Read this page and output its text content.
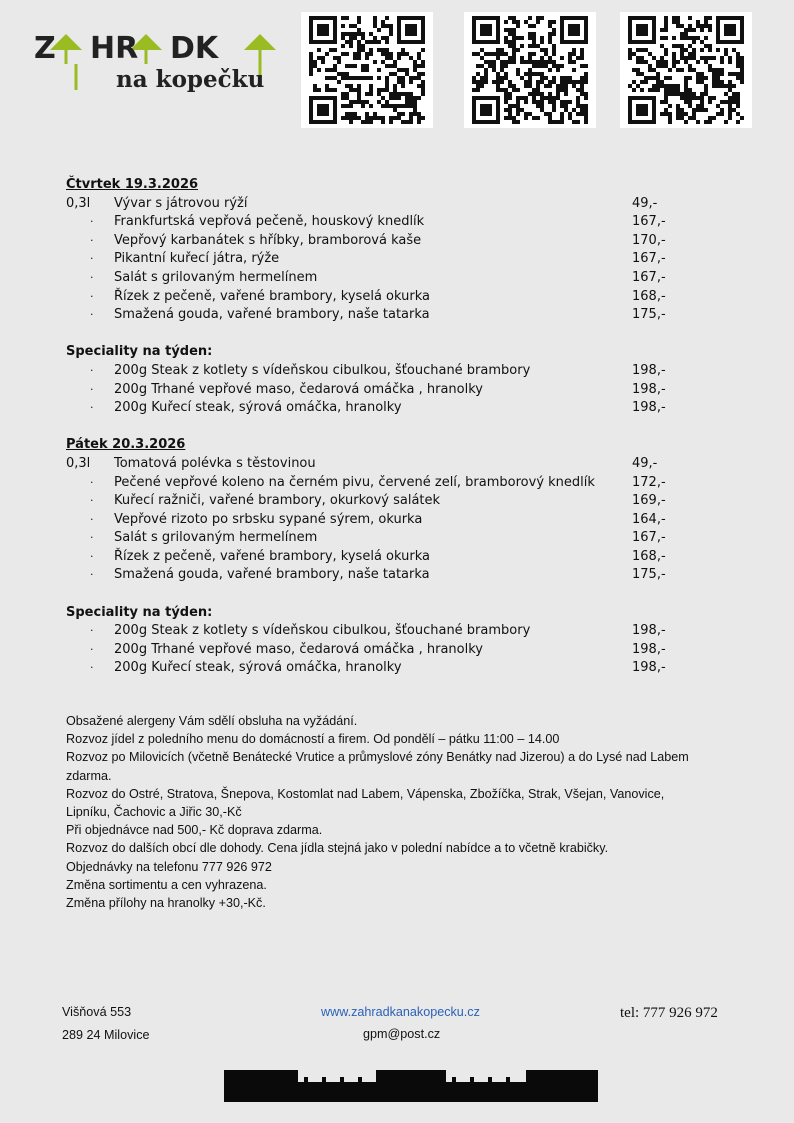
Z HR DK
na kopečku
Čtvrtek 19.3.2026
0,3l Vývar s játrovou rýží	49,-
· Frankfurtská vepřová pečeně, houskový knedlík	167,-
· Vepřový karbanátek s hříbky, bramborová kaše	170,-
· Pikantní kuřecí játra, rýže	167,-
· Salát s grilovaným hermelínem	167,-
· Řízek z pečeně, vařené brambory, kyselá okurka	168,-
· Smažená gouda, vařené brambory, naše tatarka	175,-
Speciality na týden:
· 200g Steak z kotlety s vídeňskou cibulkou, šťouchané brambory	198,-
· 200g Trhané vepřové maso, čedarová omáčka , hranolky	198,-
· 200g Kuřecí steak, sýrová omáčka, hranolky	198,-
Pátek 20.3.2026
0,3l Tomatová polévka s těstovinou	49,-
· Pečené vepřové koleno na černém pivu, červené zelí, bramborový knedlík	172,-
· Kuřecí ražniči, vařené brambory, okurkový salátek	169,-
· Vepřové rizoto po srbsku sypané sýrem, okurka	164,-
· Salát s grilovaným hermelínem	167,-
· Řízek z pečeně, vařené brambory, kyselá okurka	168,-
· Smažená gouda, vařené brambory, naše tatarka	175,-
Speciality na týden:
· 200g Steak z kotlety s vídeňskou cibulkou, šťouchané brambory	198,-
· 200g Trhané vepřové maso, čedarová omáčka , hranolky	198,-
· 200g Kuřecí steak, sýrová omáčka, hranolky	198,-

Obsažené alergeny Vám sdělí obsluha na vyžádání.

Rozvoz jídel z poledního menu do domácností a firem. Od pondělí – pátku 11:00 – 14.00

Rozvoz po Milovicích (včetně Benátecké Vrutice a průmyslové zóny Benátky nad Jizerou) a do Lysé nad Labem zdarma.

Rozvoz do Ostré, Stratova, Šnepova, Kostomlat nad Labem, Vápenska, Zbožíčka, Strak, Všejan, Vanovice, Lipníku, Čachovic a Jiřic 30,-Kč

Při objednávce nad 500,- Kč doprava zdarma.

Rozvoz do dalších obcí dle dohody. Cena jídla stejná jako v polední nabídce a to včetně krabičky.

Objednávky na telefonu 777 926 972

Změna sortimentu a cen vyhrazena.

Změna přílohy na hranolky +30,-Kč.

Višňová 553
289 24 Milovice
www.zahradkanakopecku.cz
gpm@post.cz
tel: 777 926 972
